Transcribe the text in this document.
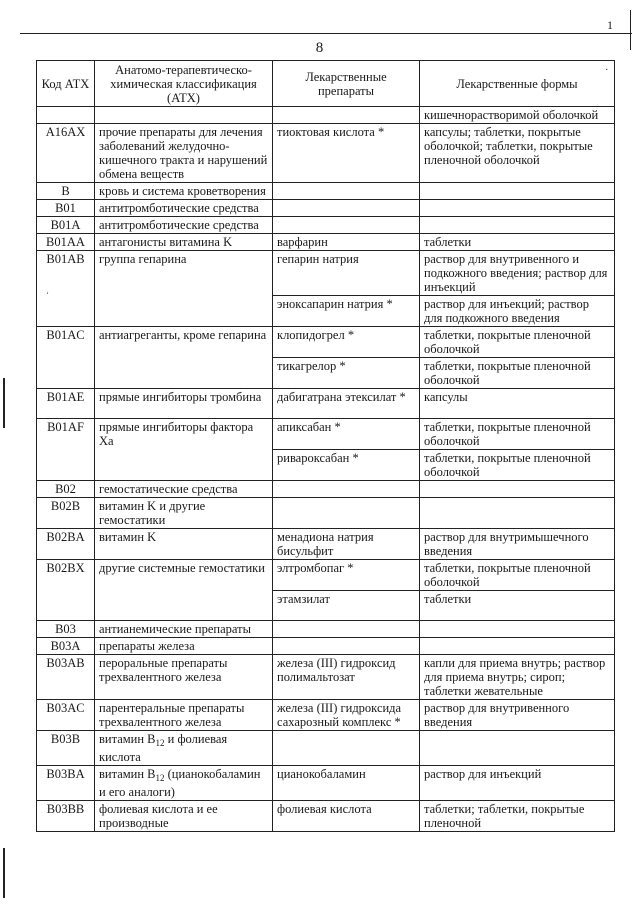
1
8
‘
Код АТХ	Анатомо-терапевтическо-химическая классификация (АТХ)	Лекарственные препараты	Лекарственные формы
.

			кишечнорастворимой оболочкой
A16AX	прочие препараты для лечения заболеваний желудочно-кишечного тракта и нарушений обмена веществ	тиоктовая кислота *	капсулы; таблетки, покрытые оболочкой; таблетки, покрытые пленочной оболочкой
B	кровь и система кроветворения		
B01	антитромботические средства		
B01A	антитромботические средства		
B01AA	антагонисты витамина K	варфарин	таблетки
B01AB	группа гепарина	гепарин натрия	раствор для внутривенного и подкожного введения; раствор для инъекций
		эноксапарин натрия *	раствор для инъекций; раствор для подкожного введения
B01AC	антиагреганты, кроме гепарина	клопидогрел *	таблетки, покрытые пленочной оболочкой
		тикагрелор *	таблетки, покрытые пленочной оболочкой
B01AE	прямые ингибиторы тромбина	дабигатрана этексилат *	капсулы
B01AF	прямые ингибиторы фактора Xa	апиксабан *	таблетки, покрытые пленочной оболочкой
		ривароксабан *	таблетки, покрытые пленочной оболочкой
B02	гемостатические средства		
B02B	витамин K и другие гемостатики		
B02BA	витамин K	менадиона натрия бисульфит	раствор для внутримышечного введения
B02BX	другие системные гемостатики	элтромбопаг *	таблетки, покрытые пленочной оболочкой
		этамзилат	таблетки
B03	антианемические препараты		
B03A	препараты железа		
B03AB	пероральные препараты трехвалентного железа	железа (III) гидроксид полимальтозат	капли для приема внутрь; раствор для приема внутрь; сироп; таблетки жевательные
B03AC	парентеральные препараты трехвалентного железа	железа (III) гидроксида сахарозный комплекс *	раствор для внутривенного введения
B03B	витамин $B_{12}$ и фолиевая кислота		
B03BA	витамин $B_{12}$ (цианокобаламин и его аналоги)	цианокобаламин	раствор для инъекций
B03BB	фолиевая кислота и ее производные	фолиевая кислота	таблетки; таблетки, покрытые пленочной
